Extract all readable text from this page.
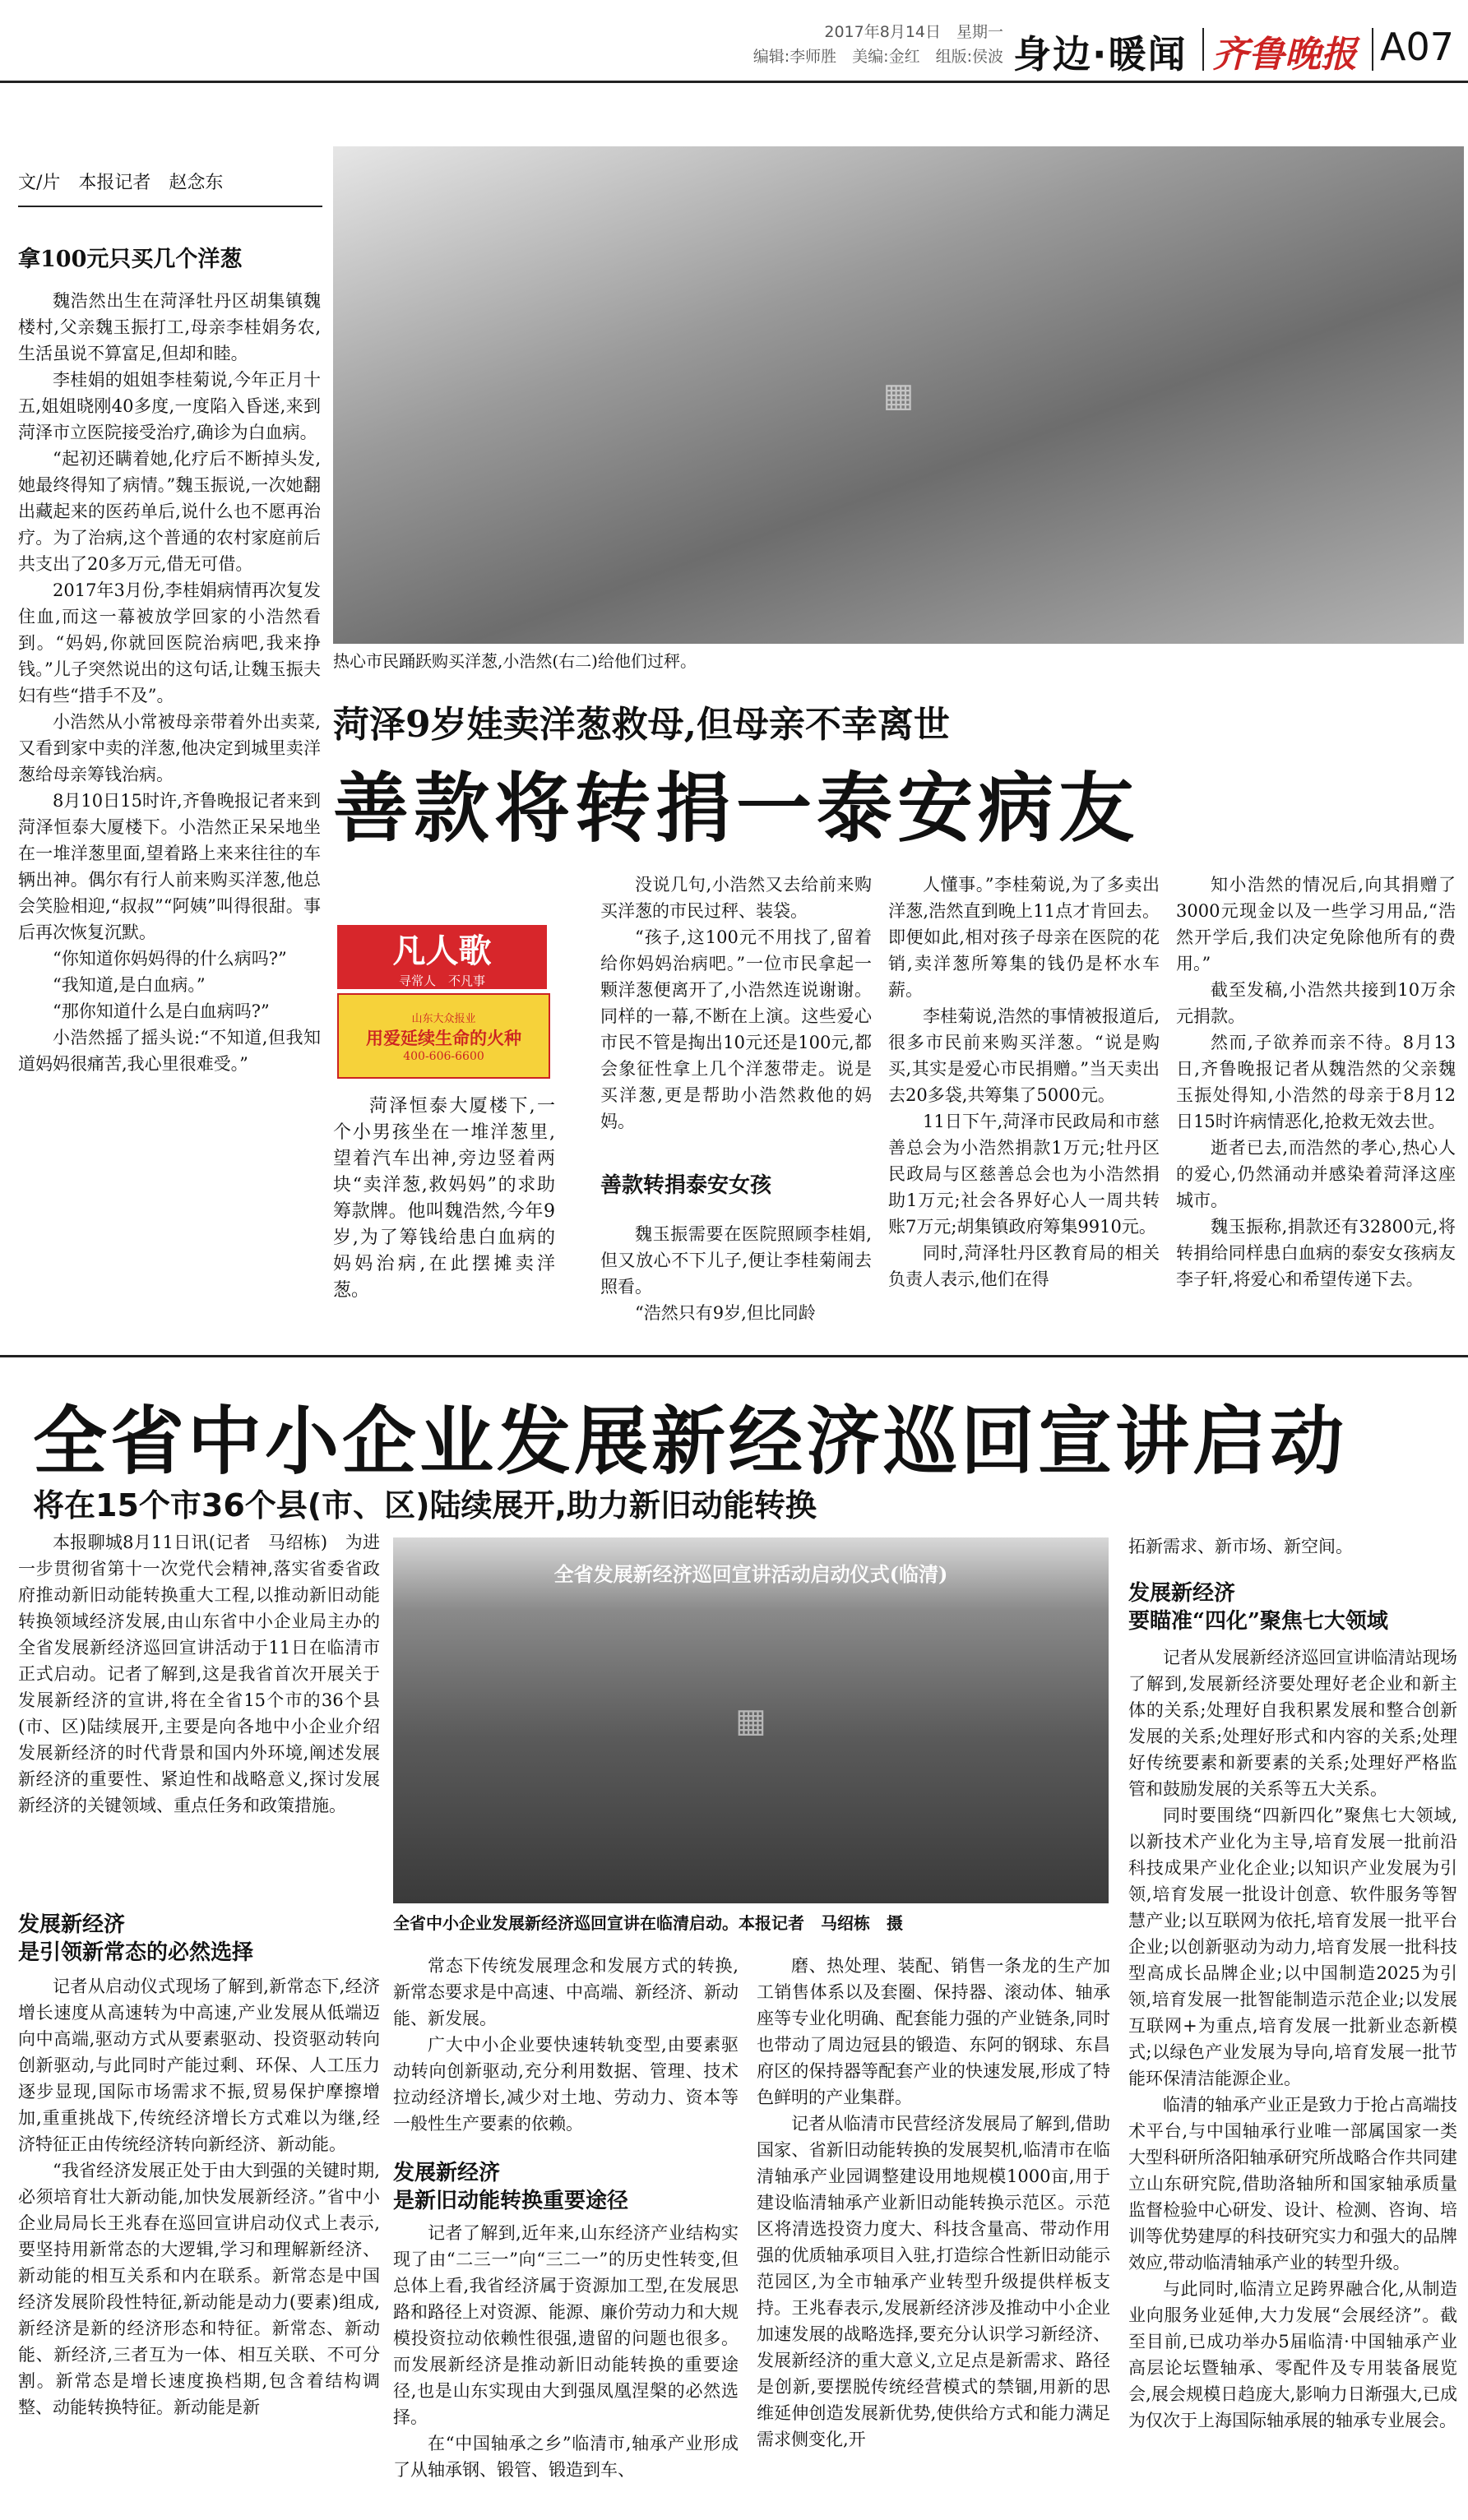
2017年8月14日　星期一
编辑:李师胜　美编:金红　组版:侯波 身边·暖闻 齐鲁晚报 A07
文/片　本报记者　赵念东
拿100元只买几个洋葱

魏浩然出生在菏泽牡丹区胡集镇魏楼村,父亲魏玉振打工,母亲李桂娟务农,生活虽说不算富足,但却和睦。

李桂娟的姐姐李桂菊说,今年正月十五,姐姐晓刚40多度,一度陷入昏迷,来到菏泽市立医院接受治疗,确诊为白血病。

“起初还瞒着她,化疗后不断掉头发,她最终得知了病情。”魏玉振说,一次她翻出藏起来的医药单后,说什么也不愿再治疗。为了治病,这个普通的农村家庭前后共支出了20多万元,借无可借。

2017年3月份,李桂娟病情再次复发住血,而这一幕被放学回家的小浩然看到。“妈妈,你就回医院治病吧,我来挣钱。”儿子突然说出的这句话,让魏玉振夫妇有些“措手不及”。

小浩然从小常被母亲带着外出卖菜,又看到家中卖的洋葱,他决定到城里卖洋葱给母亲筹钱治病。

8月10日15时许,齐鲁晚报记者来到菏泽恒泰大厦楼下。小浩然正呆呆地坐在一堆洋葱里面,望着路上来来往往的车辆出神。偶尔有行人前来购买洋葱,他总会笑脸相迎,“叔叔”“阿姨”叫得很甜。事后再次恢复沉默。

“你知道你妈妈得的什么病吗?”

“我知道,是白血病。”

“那你知道什么是白血病吗?”

小浩然摇了摇头说:“不知道,但我知道妈妈很痛苦,我心里很难受。”

▦
热心市民踊跃购买洋葱,小浩然(右二)给他们过秤。
菏泽9岁娃卖洋葱救母,但母亲不幸离世
善款将转捐一泰安病友
凡人歌
寻常人　不凡事
山东大众报业
用爱延续生命的火种
400-606-6600
菏泽恒泰大厦楼下,一个小男孩坐在一堆洋葱里,望着汽车出神,旁边竖着两块“卖洋葱,救妈妈”的求助筹款牌。他叫魏浩然,今年9岁,为了筹钱给患白血病的妈妈治病,在此摆摊卖洋葱。

没说几句,小浩然又去给前来购买洋葱的市民过秤、装袋。

“孩子,这100元不用找了,留着给你妈妈治病吧。”一位市民拿起一颗洋葱便离开了,小浩然连说谢谢。同样的一幕,不断在上演。这些爱心市民不管是掏出10元还是100元,都会象征性拿上几个洋葱带走。说是买洋葱,更是帮助小浩然救他的妈妈。

善款转捐泰安女孩

魏玉振需要在医院照顾李桂娟,但又放心不下儿子,便让李桂菊闹去照看。

“浩然只有9岁,但比同龄

人懂事。”李桂菊说,为了多卖出洋葱,浩然直到晚上11点才肯回去。即便如此,相对孩子母亲在医院的花销,卖洋葱所筹集的钱仍是杯水车薪。

李桂菊说,浩然的事情被报道后,很多市民前来购买洋葱。“说是购买,其实是爱心市民捐赠。”当天卖出去20多袋,共筹集了5000元。

11日下午,菏泽市民政局和市慈善总会为小浩然捐款1万元;牡丹区民政局与区慈善总会也为小浩然捐助1万元;社会各界好心人一周共转账7万元;胡集镇政府筹集9910元。

同时,菏泽牡丹区教育局的相关负责人表示,他们在得

知小浩然的情况后,向其捐赠了3000元现金以及一些学习用品,“浩然开学后,我们决定免除他所有的费用。”

截至发稿,小浩然共接到10万余元捐款。

然而,子欲养而亲不待。8月13日,齐鲁晚报记者从魏浩然的父亲魏玉振处得知,小浩然的母亲于8月12日15时许病情恶化,抢救无效去世。

逝者已去,而浩然的孝心,热心人的爱心,仍然涌动并感染着菏泽这座城市。

魏玉振称,捐款还有32800元,将转捐给同样患白血病的泰安女孩病友李子轩,将爱心和希望传递下去。

全省中小企业发展新经济巡回宣讲启动
将在15个市36个县(市、区)陆续展开,助力新旧动能转换

本报聊城8月11日讯(记者　马绍栋)　为进一步贯彻省第十一次党代会精神,落实省委省政府推动新旧动能转换重大工程,以推动新旧动能转换领域经济发展,由山东省中小企业局主办的全省发展新经济巡回宣讲活动于11日在临清市正式启动。记者了解到,这是我省首次开展关于发展新经济的宣讲,将在全省15个市的36个县(市、区)陆续展开,主要是向各地中小企业介绍发展新经济的时代背景和国内外环境,阐述发展新经济的重要性、紧迫性和战略意义,探讨发展新经济的关键领域、重点任务和政策措施。

发展新经济
是引领新常态的必然选择

记者从启动仪式现场了解到,新常态下,经济增长速度从高速转为中高速,产业发展从低端迈向中高端,驱动方式从要素驱动、投资驱动转向创新驱动,与此同时产能过剩、环保、人工压力逐步显现,国际市场需求不振,贸易保护摩擦增加,重重挑战下,传统经济增长方式难以为继,经济特征正由传统经济转向新经济、新动能。

“我省经济发展正处于由大到强的关键时期,必须培育壮大新动能,加快发展新经济。”省中小企业局局长王兆春在巡回宣讲启动仪式上表示,要坚持用新常态的大逻辑,学习和理解新经济、新动能的相互关系和内在联系。新常态是中国经济发展阶段性特征,新动能是动力(要素)组成,新经济是新的经济形态和特征。新常态、新动能、新经济,三者互为一体、相互关联、不可分割。新常态是增长速度换档期,包含着结构调整、动能转换特征。新动能是新

全省发展新经济巡回宣讲活动启动仪式(临清)
▦
全省中小企业发展新经济巡回宣讲在临清启动。本报记者　马绍栋　摄

常态下传统发展理念和发展方式的转换,新常态要求是中高速、中高端、新经济、新动能、新发展。

广大中小企业要快速转轨变型,由要素驱动转向创新驱动,充分利用数据、管理、技术拉动经济增长,减少对土地、劳动力、资本等一般性生产要素的依赖。

发展新经济
是新旧动能转换重要途径

记者了解到,近年来,山东经济产业结构实现了由“二三一”向“三二一”的历史性转变,但总体上看,我省经济属于资源加工型,在发展思路和路径上对资源、能源、廉价劳动力和大规模投资拉动依赖性很强,遗留的问题也很多。而发展新经济是推动新旧动能转换的重要途径,也是山东实现由大到强凤凰涅槃的必然选择。

在“中国轴承之乡”临清市,轴承产业形成了从轴承钢、锻管、锻造到车、

磨、热处理、装配、销售一条龙的生产加工销售体系以及套圈、保持器、滚动体、轴承座等专业化明确、配套能力强的产业链条,同时也带动了周边冠县的锻造、东阿的钢球、东昌府区的保持器等配套产业的快速发展,形成了特色鲜明的产业集群。

记者从临清市民营经济发展局了解到,借助国家、省新旧动能转换的发展契机,临清市在临清轴承产业园调整建设用地规模1000亩,用于建设临清轴承产业新旧动能转换示范区。示范区将清选投资力度大、科技含量高、带动作用强的优质轴承项目入驻,打造综合性新旧动能示范园区,为全市轴承产业转型升级提供样板支持。王兆春表示,发展新经济涉及推动中小企业加速发展的战略选择,要充分认识学习新经济、发展新经济的重大意义,立足点是新需求、路径是创新,要摆脱传统经营模式的禁锢,用新的思维延伸创造发展新优势,使供给方式和能力满足需求侧变化,开

拓新需求、新市场、新空间。
发展新经济
要瞄准“四化”聚焦七大领域

记者从发展新经济巡回宣讲临清站现场了解到,发展新经济要处理好老企业和新主体的关系;处理好自我积累发展和整合创新发展的关系;处理好形式和内容的关系;处理好传统要素和新要素的关系;处理好严格监管和鼓励发展的关系等五大关系。

同时要围绕“四新四化”聚焦七大领域,以新技术产业化为主导,培育发展一批前沿科技成果产业化企业;以知识产业发展为引领,培育发展一批设计创意、软件服务等智慧产业;以互联网为依托,培育发展一批平台企业;以创新驱动为动力,培育发展一批科技型高成长品牌企业;以中国制造2025为引领,培育发展一批智能制造示范企业;以发展互联网+为重点,培育发展一批新业态新模式;以绿色产业发展为导向,培育发展一批节能环保清洁能源企业。

临清的轴承产业正是致力于抢占高端技术平台,与中国轴承行业唯一部属国家一类大型科研所洛阳轴承研究所战略合作共同建立山东研究院,借助洛轴所和国家轴承质量监督检验中心研发、设计、检测、咨询、培训等优势建厚的科技研究实力和强大的品牌效应,带动临清轴承产业的转型升级。

与此同时,临清立足跨界融合化,从制造业向服务业延伸,大力发展“会展经济”。截至目前,已成功举办5届临清·中国轴承产业高层论坛暨轴承、零配件及专用装备展览会,展会规模日趋庞大,影响力日渐强大,已成为仅次于上海国际轴承展的轴承专业展会。
